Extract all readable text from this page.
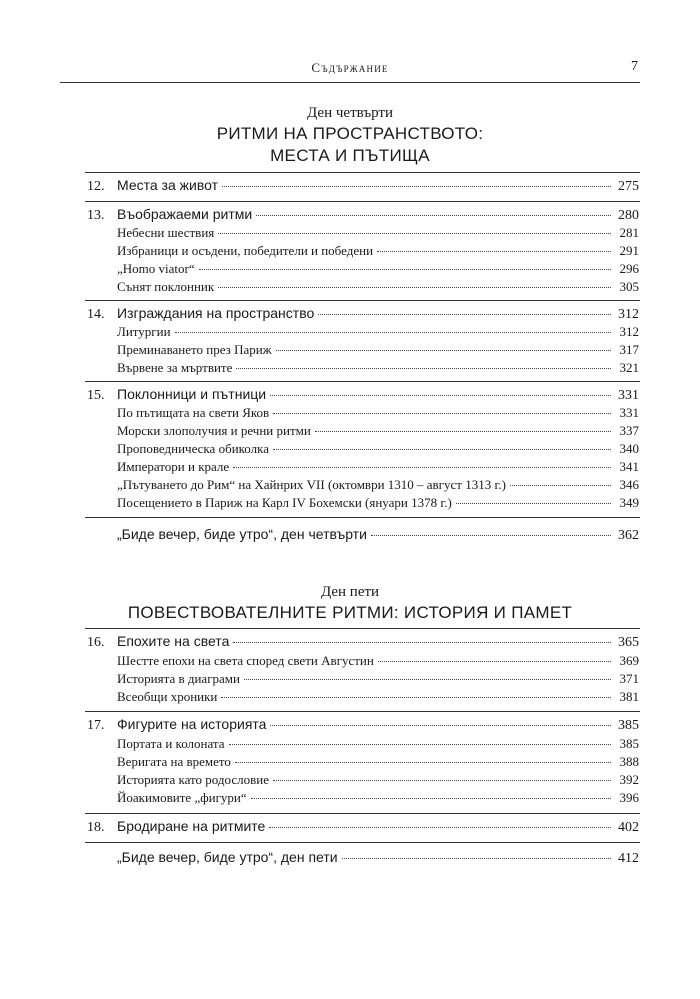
Съдържание	7
Ден четвърти
РИТМИ НА ПРОСТРАНСТВОТО:
МЕСТА И ПЪТИЩА
12. Места за живот	275
13. Въображаеми ритми	280
Небесни шествия	281
Избраници и осъдени, победители и победени	291
„Homo viator“	296
Сънят поклонник	305
14. Изграждания на пространство	312
Литургии	312
Преминаването през Париж	317
Вървене за мъртвите	321
15. Поклонници и пътници	331
По пътищата на свети Яков	331
Морски злополучия и речни ритми	337
Проповедническа обиколка	340
Императори и крале	341
„Пътуването до Рим“ на Хайнрих VII (октомври 1310 – август 1313 г.)	346
Посещението в Париж на Карл IV Бохемски (януари 1378 г.)	349
„Биде вечер, биде утро“, ден четвърти	362
Ден пети
ПОВЕСТВОВАТЕЛНИТЕ РИТМИ: ИСТОРИЯ И ПАМЕТ
16. Епохите на света	365
Шестте епохи на света според свети Августин	369
Историята в диаграми	371
Всеобщи хроники	381
17. Фигурите на историята	385
Портата и колоната	385
Веригата на времето	388
Историята като родословие	392
Йоакимовите „фигури“	396
18. Бродиране на ритмите	402
„Биде вечер, биде утро“, ден пети	412
